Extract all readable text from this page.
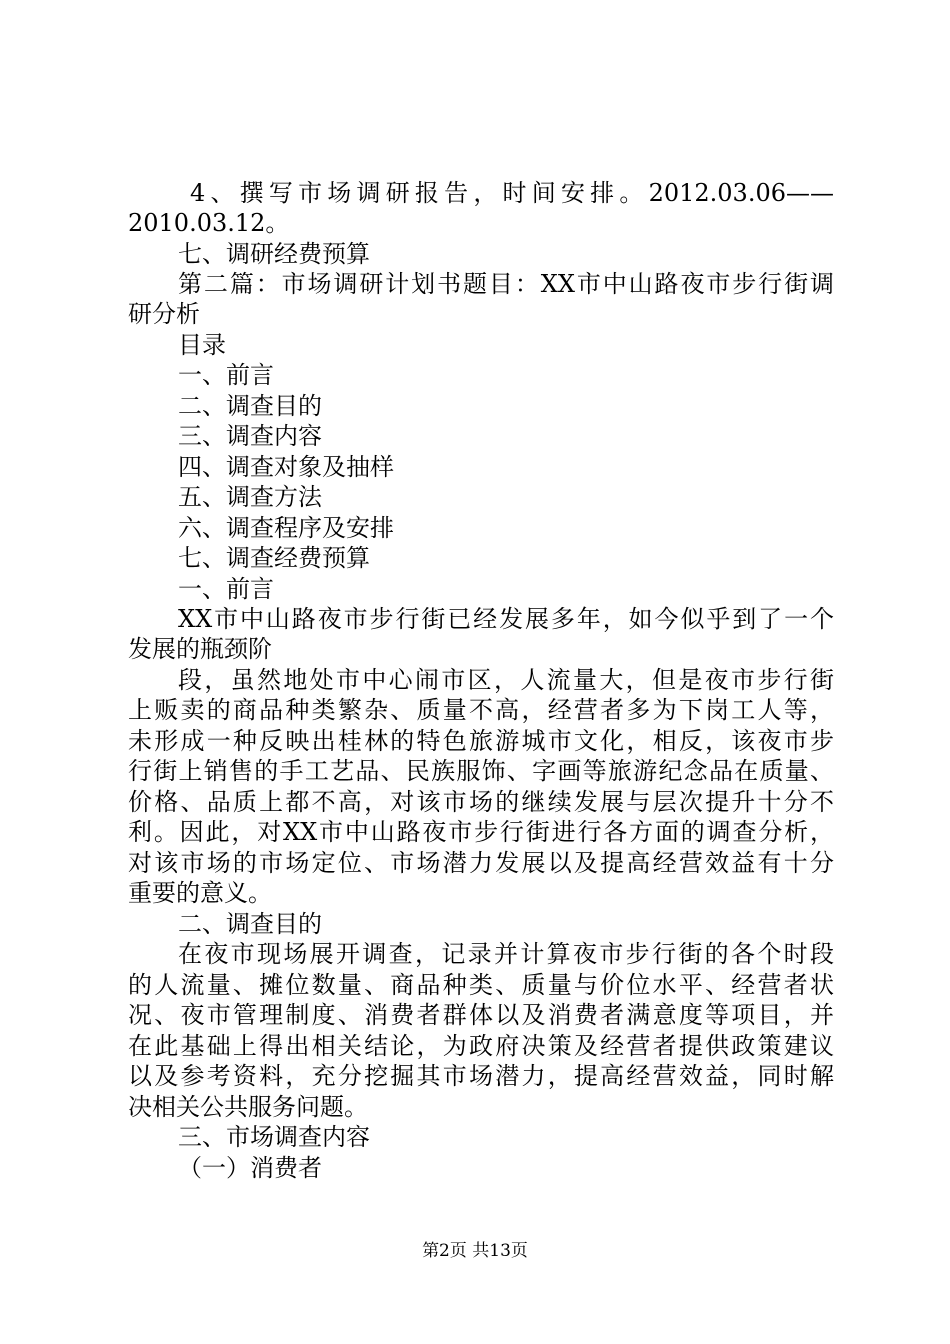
4、撰写市场调研报告，时间安排。2012.03.06——
2010.03.12。
七、调研经费预算
第二篇：市场调研计划书题目：XX市中山路夜市步行街调
研分析
目录
一、前言
二、调查目的
三、调查内容
四、调查对象及抽样
五、调查方法
六、调查程序及安排
七、调查经费预算
一、前言
XX市中山路夜市步行街已经发展多年，如今似乎到了一个
发展的瓶颈阶
段，虽然地处市中心闹市区，人流量大，但是夜市步行街
上贩卖的商品种类繁杂、质量不高，经营者多为下岗工人等，
未形成一种反映出桂林的特色旅游城市文化，相反，该夜市步
行街上销售的手工艺品、民族服饰、字画等旅游纪念品在质量、
价格、品质上都不高，对该市场的继续发展与层次提升十分不
利。因此，对XX市中山路夜市步行街进行各方面的调查分析，
对该市场的市场定位、市场潜力发展以及提高经营效益有十分
重要的意义。
二、调查目的
在夜市现场展开调查，记录并计算夜市步行街的各个时段
的人流量、摊位数量、商品种类、质量与价位水平、经营者状
况、夜市管理制度、消费者群体以及消费者满意度等项目，并
在此基础上得出相关结论，为政府决策及经营者提供政策建议
以及参考资料，充分挖掘其市场潜力，提高经营效益，同时解
决相关公共服务问题。
三、市场调查内容
（一）消费者
第2页 共13页
